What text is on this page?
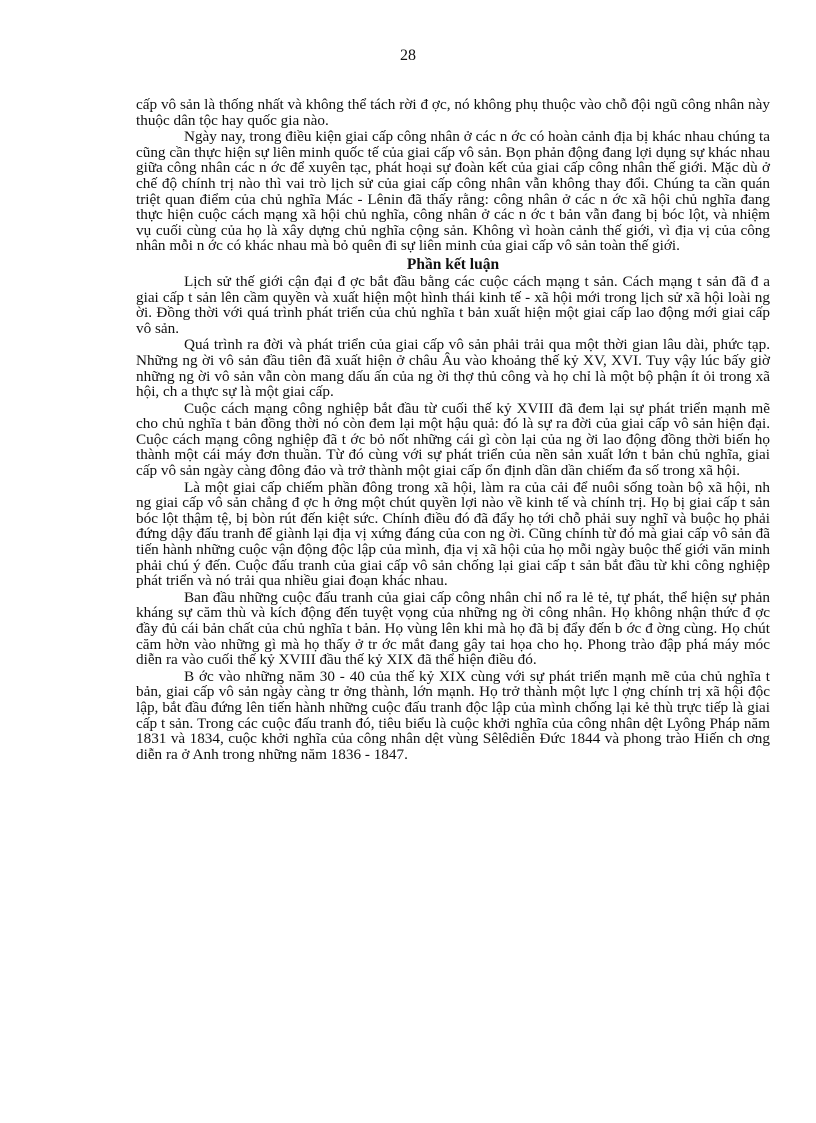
28

cấp vô sản là thống nhất và không thể tách rời đ ợc, nó không phụ thuộc vào chỗ đội ngũ công nhân này thuộc dân tộc hay quốc gia nào.

Ngày nay, trong điều kiện giai cấp công nhân ở các n ớc có hoàn cảnh địa bị khác nhau chúng ta cũng cần thực hiện sự liên minh quốc tế của giai cấp vô sản. Bọn phản động đang lợi dụng sự khác nhau giữa công nhân các n ớc để xuyên tạc, phát hoại sự đoàn kết của giai cấp công nhân thế giới. Mặc dù ở chế độ chính trị nào thì vai trò lịch sử của giai cấp công nhân vẫn không thay đổi. Chúng ta cần quán triệt quan điểm của chủ nghĩa Mác - Lênin đã thấy rằng: công nhân ở các n ớc xã hội chủ nghĩa đang thực hiện cuộc cách mạng xã hội chủ nghĩa, công nhân ở các n ớc t bản vẫn đang bị bóc lột, và nhiệm vụ cuối cùng của họ là xây dựng chủ nghĩa cộng sản. Không vì hoàn cảnh thế giới, vì địa vị của công nhân mỗi n ớc có khác nhau mà bỏ quên đi sự liên minh của giai cấp vô sản toàn thế giới.

Phần kết luận

Lịch sử thế giới cận đại đ ợc bắt đầu bằng các cuộc cách mạng t sản. Cách mạng t sản đã đ a giai cấp t sản lên cầm quyền và xuất hiện một hình thái kinh tế - xã hội mới trong lịch sử xã hội loài ng ời. Đồng thời với quá trình phát triển của chủ nghĩa t bản xuất hiện một giai cấp lao động mới giai cấp vô sản.

Quá trình ra đời và phát triển của giai cấp vô sản phải trải qua một thời gian lâu dài, phức tạp. Những ng ời vô sản đầu tiên đã xuất hiện ở châu Âu vào khoảng thế kỷ XV, XVI. Tuy vậy lúc bấy giờ những ng ời vô sản vẫn còn mang dấu ấn của ng ời thợ thủ công và họ chỉ là một bộ phận ít ỏi trong xã hội, ch a thực sự là một giai cấp.

Cuộc cách mạng công nghiệp bắt đầu từ cuối thế kỷ XVIII đã đem lại sự phát triển mạnh mẽ cho chủ nghĩa t bản đồng thời nó còn đem lại một hậu quả: đó là sự ra đời của giai cấp vô sản hiện đại. Cuộc cách mạng công nghiệp đã t ớc bỏ nốt những cái gì còn lại của ng ời lao động đồng thời biến họ thành một cái máy đơn thuần. Từ đó cùng với sự phát triển của nền sản xuất lớn t bản chủ nghĩa, giai cấp vô sản ngày càng đông đảo và trở thành một giai cấp ổn định dần dần chiếm đa số trong xã hội.

Là một giai cấp chiếm phần đông trong xã hội, làm ra của cải để nuôi sống toàn bộ xã hội, nh ng giai cấp vô sản chẳng đ ợc h ởng một chút quyền lợi nào về kinh tế và chính trị. Họ bị giai cấp t sản bóc lột thậm tệ, bị bòn rút đến kiệt sức. Chính điều đó đã đẩy họ tới chỗ phải suy nghĩ và buộc họ phải đứng dậy đấu tranh để giành lại địa vị xứng đáng của con ng ời. Cũng chính từ đó mà giai cấp vô sản đã tiến hành những cuộc vận động độc lập của mình, địa vị xã hội của họ mỗi ngày buộc thế giới văn minh phải chú ý đến. Cuộc đấu tranh của giai cấp vô sản chống lại giai cấp t sản bắt đầu từ khi công nghiệp phát triển và nó trải qua nhiều giai đoạn khác nhau.

Ban đầu những cuộc đấu tranh của giai cấp công nhân chỉ nổ ra lẻ tẻ, tự phát, thể hiện sự phản kháng sự căm thù và kích động đến tuyệt vọng của những ng ời công nhân. Họ không nhận thức đ ợc đầy đủ cái bản chất của chủ nghĩa t bản. Họ vùng lên khi mà họ đã bị đẩy đến b ớc đ ờng cùng. Họ chút căm hờn vào những gì mà họ thấy ở tr ớc mắt đang gây tai họa cho họ. Phong trào đập phá máy móc diễn ra vào cuối thế kỷ XVIII đầu thế kỷ XIX đã thể hiện điều đó.

B ớc vào những năm 30 - 40 của thế kỷ XIX cùng với sự phát triển mạnh mẽ của chủ nghĩa t bản, giai cấp vô sản ngày càng tr ởng thành, lớn mạnh. Họ trở thành một lực l ợng chính trị xã hội độc lập, bắt đầu đứng lên tiến hành những cuộc đấu tranh độc lập của mình chống lại kẻ thù trực tiếp là giai cấp t sản. Trong các cuộc đấu tranh đó, tiêu biểu là cuộc khởi nghĩa của công nhân dệt Lyông Pháp năm 1831 và 1834, cuộc khởi nghĩa của công nhân dệt vùng Sêlêdiên Đức 1844 và phong trào Hiến ch ơng diễn ra ở Anh trong những năm 1836 - 1847.
